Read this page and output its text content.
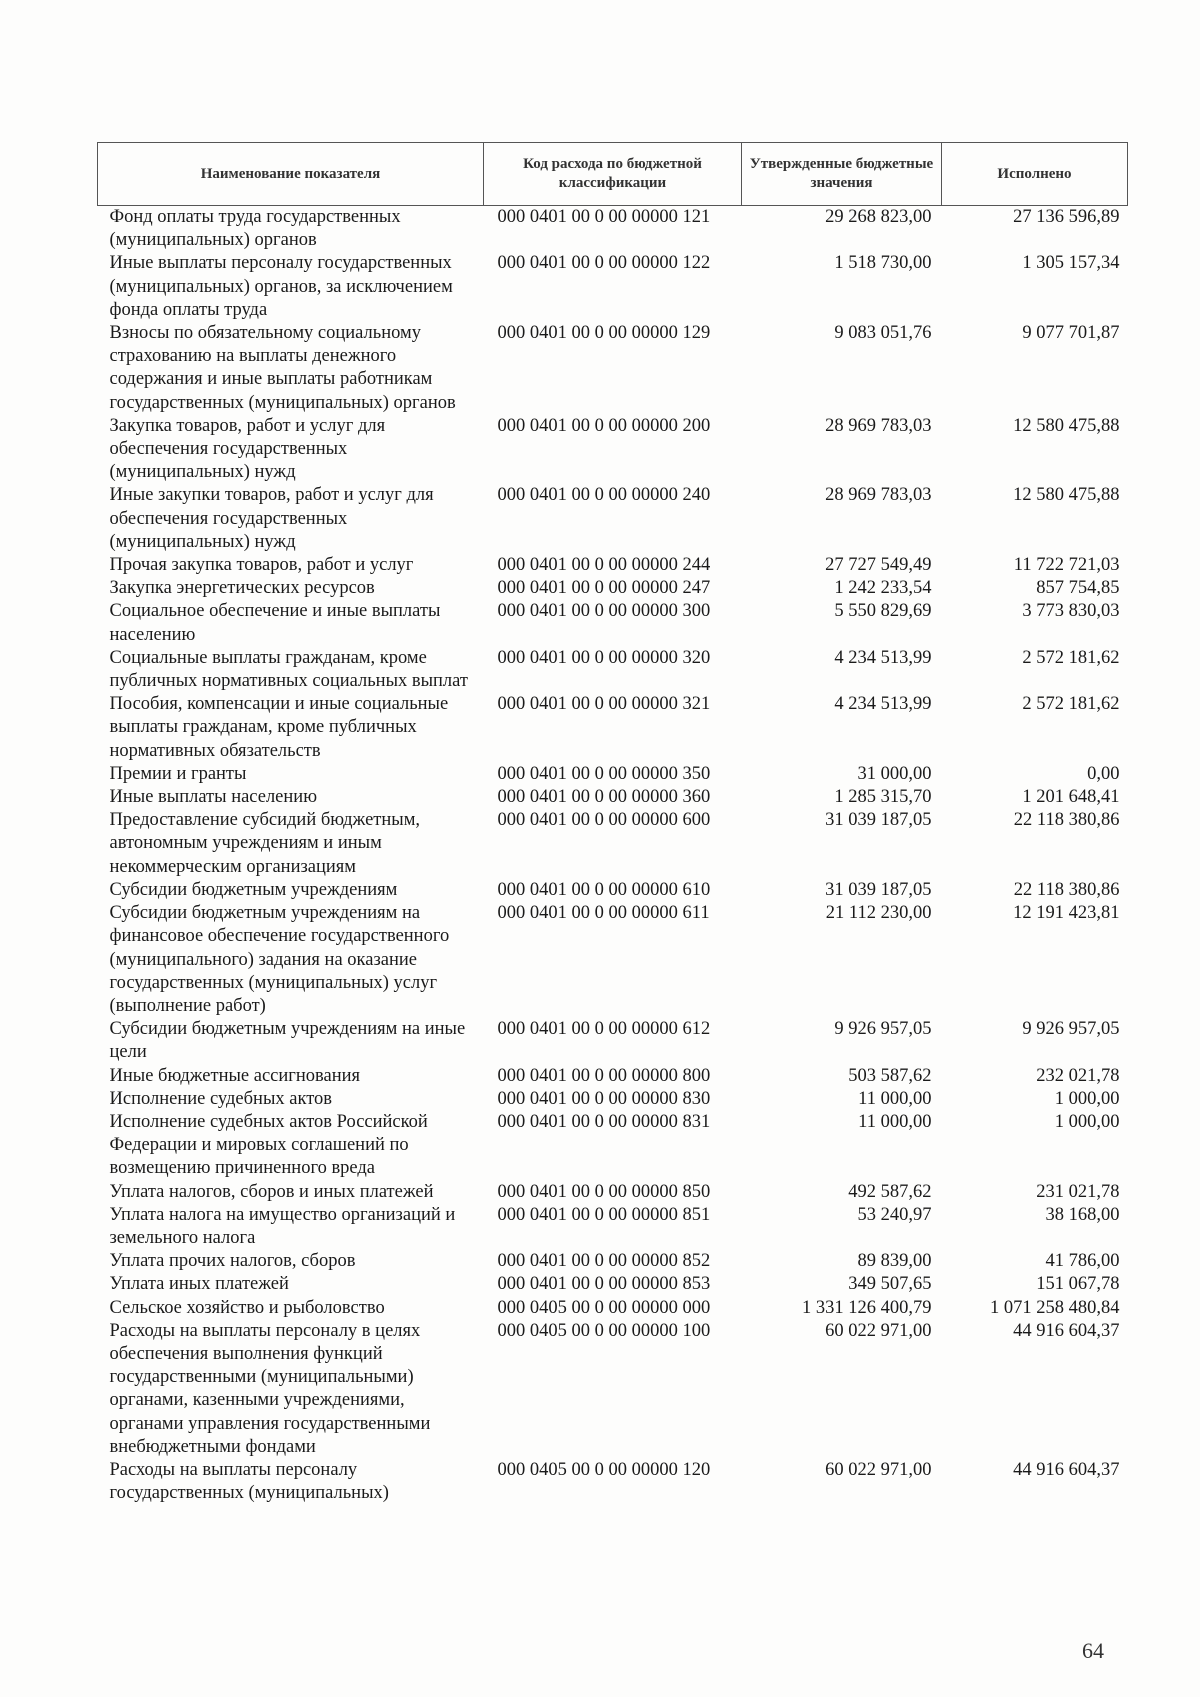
Наименование показателя	Код расхода по бюджетной классификации	Утвержденные бюджетные значения	Исполнено
Фонд оплаты труда государственных (муниципальных) органов	000 0401 00 0 00 00000 121	29 268 823,00	27 136 596,89
Иные выплаты персоналу государственных (муниципальных) органов, за исключением фонда оплаты труда	000 0401 00 0 00 00000 122	1 518 730,00	1 305 157,34
Взносы по обязательному социальному страхованию на выплаты денежного содержания и иные выплаты работникам государственных (муниципальных) органов	000 0401 00 0 00 00000 129	9 083 051,76	9 077 701,87
Закупка товаров, работ и услуг для обеспечения государственных (муниципальных) нужд	000 0401 00 0 00 00000 200	28 969 783,03	12 580 475,88
Иные закупки товаров, работ и услуг для обеспечения государственных (муниципальных) нужд	000 0401 00 0 00 00000 240	28 969 783,03	12 580 475,88
Прочая закупка товаров, работ и услуг	000 0401 00 0 00 00000 244	27 727 549,49	11 722 721,03
Закупка энергетических ресурсов	000 0401 00 0 00 00000 247	1 242 233,54	857 754,85
Социальное обеспечение и иные выплаты населению	000 0401 00 0 00 00000 300	5 550 829,69	3 773 830,03
Социальные выплаты гражданам, кроме публичных нормативных социальных выплат	000 0401 00 0 00 00000 320	4 234 513,99	2 572 181,62
Пособия, компенсации и иные социальные выплаты гражданам, кроме публичных нормативных обязательств	000 0401 00 0 00 00000 321	4 234 513,99	2 572 181,62
Премии и гранты	000 0401 00 0 00 00000 350	31 000,00	0,00
Иные выплаты населению	000 0401 00 0 00 00000 360	1 285 315,70	1 201 648,41
Предоставление субсидий бюджетным, автономным учреждениям и иным некоммерческим организациям	000 0401 00 0 00 00000 600	31 039 187,05	22 118 380,86
Субсидии бюджетным учреждениям	000 0401 00 0 00 00000 610	31 039 187,05	22 118 380,86
Субсидии бюджетным учреждениям на финансовое обеспечение государственного (муниципального) задания на оказание государственных (муниципальных) услуг (выполнение работ)	000 0401 00 0 00 00000 611	21 112 230,00	12 191 423,81
Субсидии бюджетным учреждениям на иные цели	000 0401 00 0 00 00000 612	9 926 957,05	9 926 957,05
Иные бюджетные ассигнования	000 0401 00 0 00 00000 800	503 587,62	232 021,78
Исполнение судебных актов	000 0401 00 0 00 00000 830	11 000,00	1 000,00
Исполнение судебных актов Российской Федерации и мировых соглашений по возмещению причиненного вреда	000 0401 00 0 00 00000 831	11 000,00	1 000,00
Уплата налогов, сборов и иных платежей	000 0401 00 0 00 00000 850	492 587,62	231 021,78
Уплата налога на имущество организаций и земельного налога	000 0401 00 0 00 00000 851	53 240,97	38 168,00
Уплата прочих налогов, сборов	000 0401 00 0 00 00000 852	89 839,00	41 786,00
Уплата иных платежей	000 0401 00 0 00 00000 853	349 507,65	151 067,78
Сельское хозяйство и рыболовство	000 0405 00 0 00 00000 000	1 331 126 400,79	1 071 258 480,84
Расходы на выплаты персоналу в целях обеспечения выполнения функций государственными (муниципальными) органами, казенными учреждениями, органами управления государственными внебюджетными фондами	000 0405 00 0 00 00000 100	60 022 971,00	44 916 604,37
Расходы на выплаты персоналу государственных (муниципальных)	000 0405 00 0 00 00000 120	60 022 971,00	44 916 604,37
64
